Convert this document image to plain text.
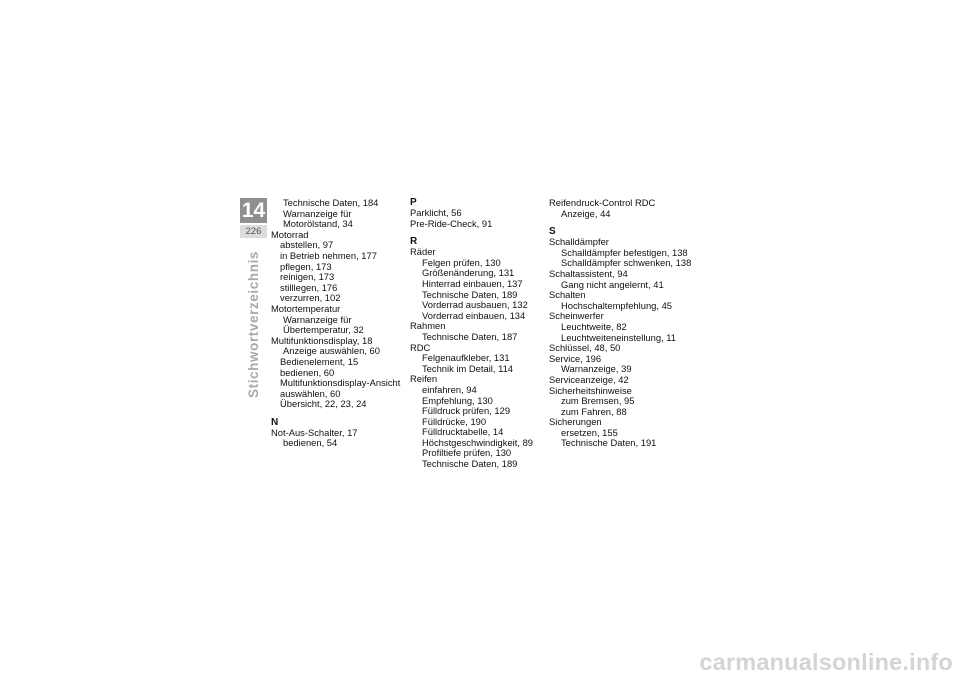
14
226
Stichwortverzeichnis
Technische Daten, 184
Warnanzeige für
Motorölstand, 34
Motorrad
abstellen, 97
in Betrieb nehmen, 177
pflegen, 173
reinigen, 173
stilllegen, 176
verzurren, 102
Motortemperatur
Warnanzeige für
Übertemperatur, 32
Multifunktionsdisplay, 18
Anzeige auswählen, 60
Bedienelement, 15
bedienen, 60
Multifunktionsdisplay-Ansicht
auswählen, 60
Übersicht, 22, 23, 24
N
Not-Aus-Schalter, 17
bedienen, 54
P
Parklicht, 56
Pre-Ride-Check, 91
R
Räder
Felgen prüfen, 130
Größenänderung, 131
Hinterrad einbauen, 137
Technische Daten, 189
Vorderrad ausbauen, 132
Vorderrad einbauen, 134
Rahmen
Technische Daten, 187
RDC
Felgenaufkleber, 131
Technik im Detail, 114
Reifen
einfahren, 94
Empfehlung, 130
Fülldruck prüfen, 129
Fülldrücke, 190
Fülldrucktabelle, 14
Höchstgeschwindigkeit, 89
Profiltiefe prüfen, 130
Technische Daten, 189
Reifendruck-Control RDC
Anzeige, 44
S
Schalldämpfer
Schalldämpfer befestigen, 138
Schalldämpfer schwenken, 138
Schaltassistent, 94
Gang nicht angelernt, 41
Schalten
Hochschaltempfehlung, 45
Scheinwerfer
Leuchtweite, 82
Leuchtweiteneinstellung, 11
Schlüssel, 48, 50
Service, 196
Warnanzeige, 39
Serviceanzeige, 42
Sicherheitshinweise
zum Bremsen, 95
zum Fahren, 88
Sicherungen
ersetzen, 155
Technische Daten, 191
carmanualsonline.info
